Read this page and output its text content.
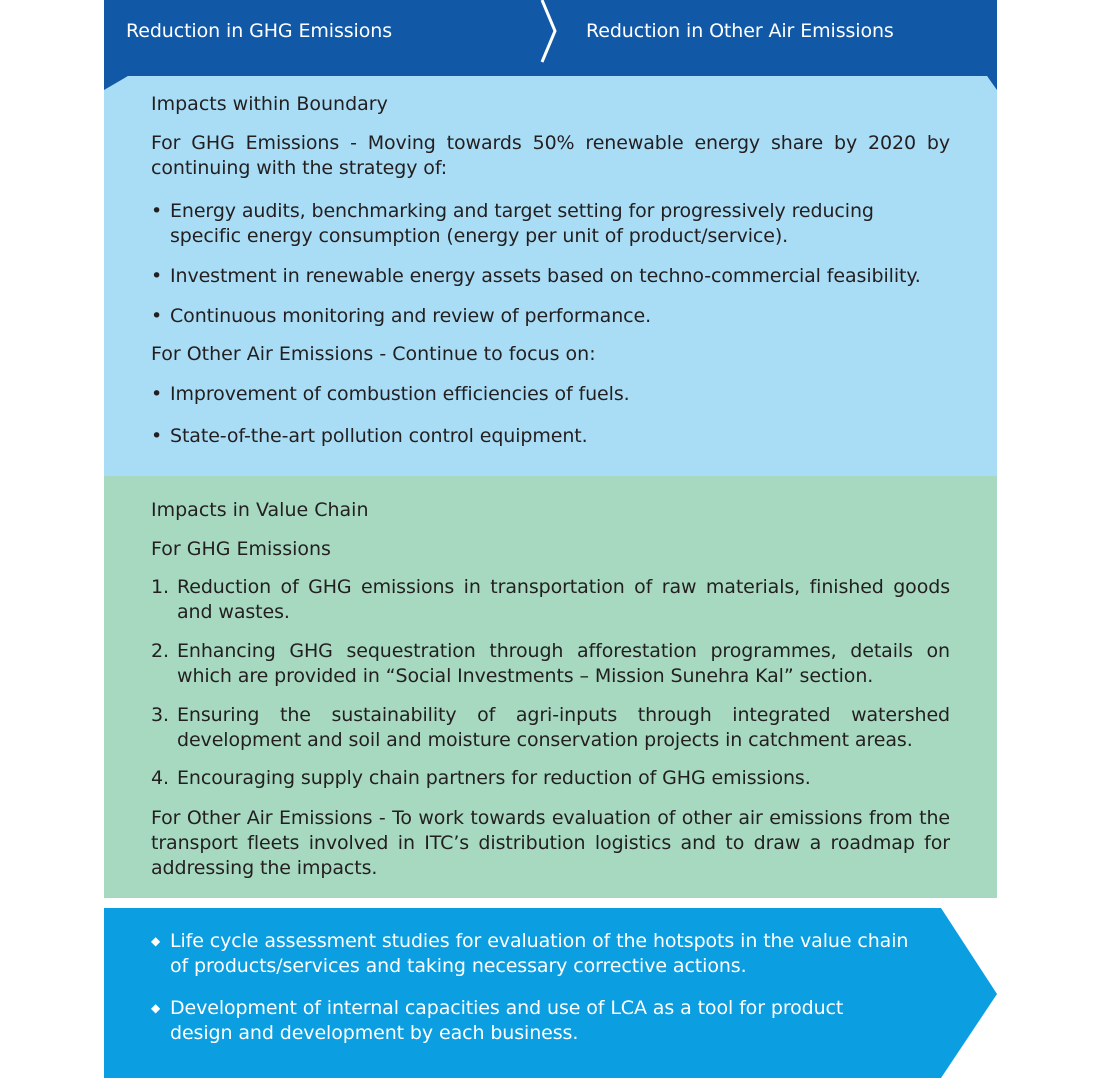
Reduction in GHG Emissions	Reduction in Other Air Emissions
Impacts within Boundary
For GHG Emissions - Moving towards 50% renewable energy share by 2020 by continuing with the strategy of:
• Energy audits, benchmarking and target setting for progressively reducing specific energy consumption (energy per unit of product/service).
• Investment in renewable energy assets based on techno-commercial feasibility.
• Continuous monitoring and review of performance.
For Other Air Emissions - Continue to focus on:
• Improvement of combustion efficiencies of fuels.
• State-of-the-art pollution control equipment.
Impacts in Value Chain
For GHG Emissions
1. Reduction of GHG emissions in transportation of raw materials, finished goods and wastes.
2. Enhancing GHG sequestration through afforestation programmes, details on which are provided in “Social Investments – Mission Sunehra Kal” section.
3. Ensuring the sustainability of agri-inputs through integrated watershed development and soil and moisture conservation projects in catchment areas.
4. Encouraging supply chain partners for reduction of GHG emissions.
For Other Air Emissions - To work towards evaluation of other air emissions from the transport fleets involved in ITC’s distribution logistics and to draw a roadmap for addressing the impacts.
◆ Life cycle assessment studies for evaluation of the hotspots in the value chain of products/services and taking necessary corrective actions.
◆ Development of internal capacities and use of LCA as a tool for product design and development by each business.
